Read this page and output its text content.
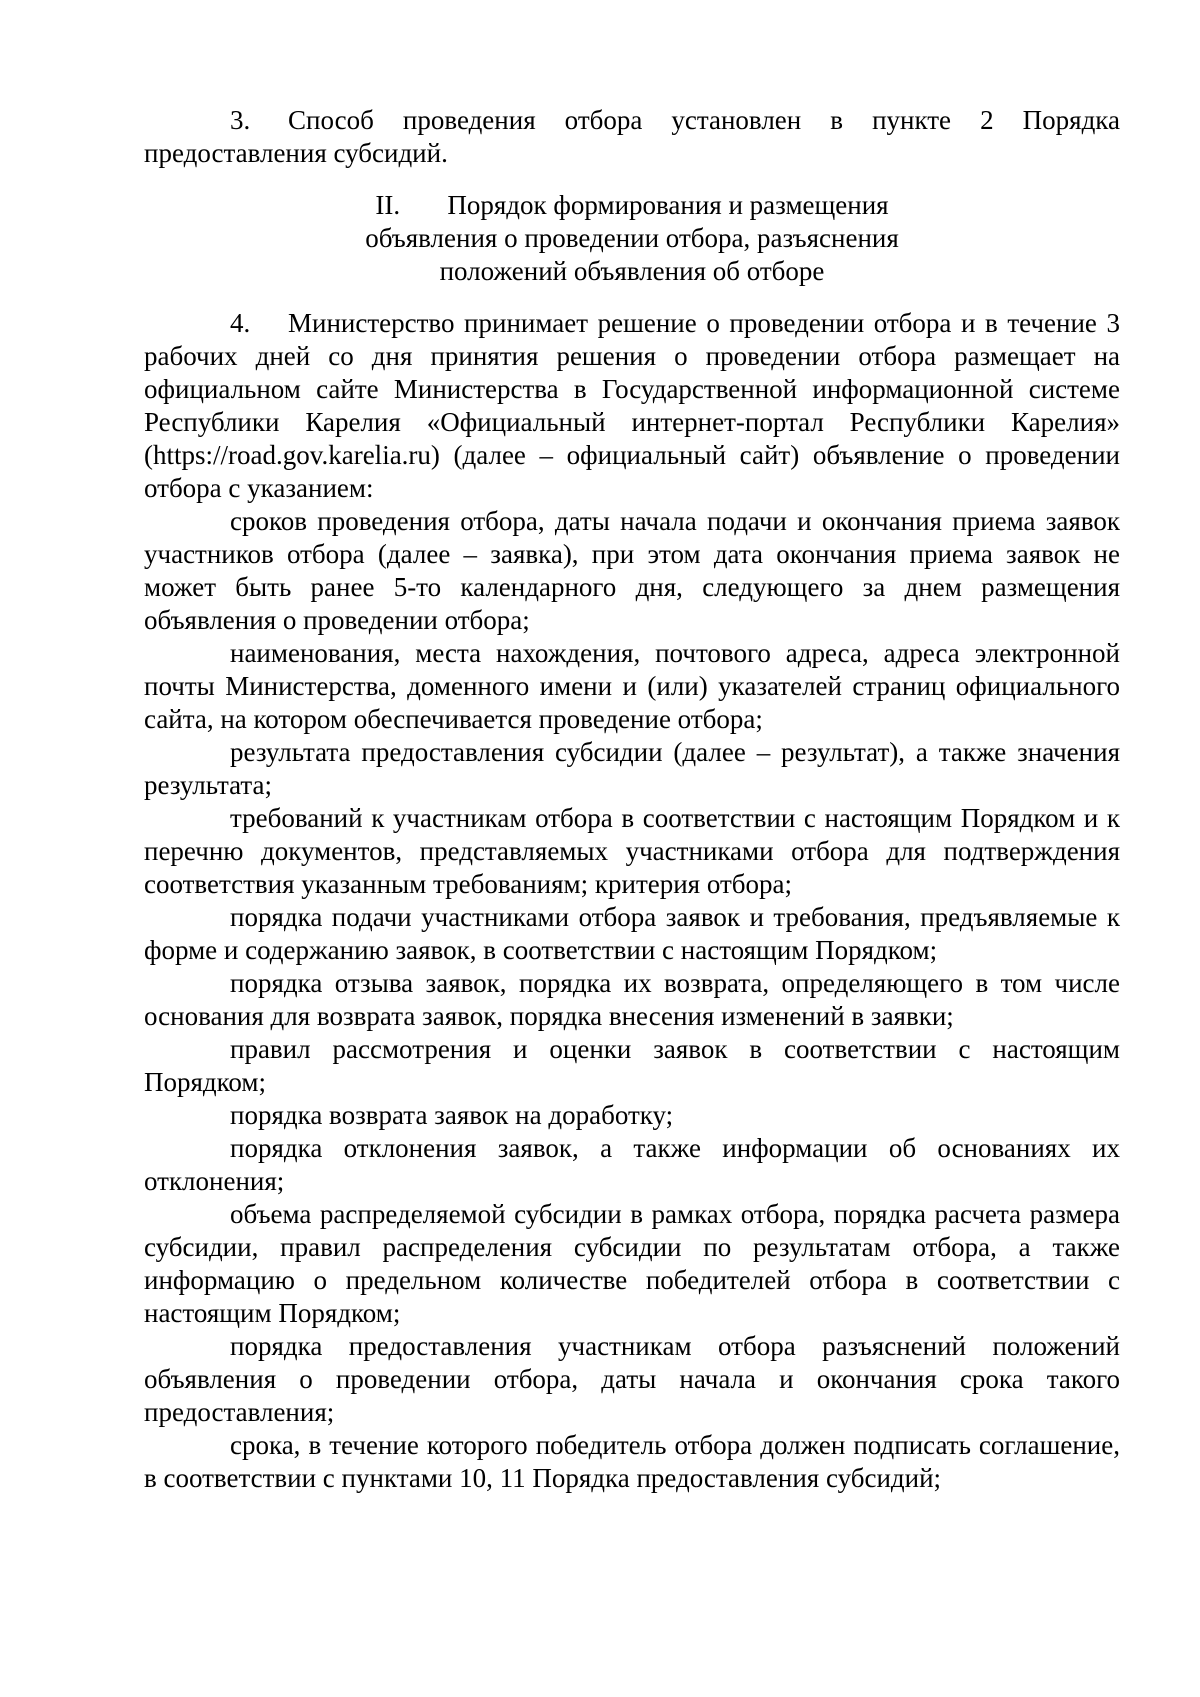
3. Способ проведения отбора установлен в пункте 2 Порядка предоставления субсидий.

II. Порядок формирования и размещения
объявления о проведении отбора, разъяснения
положений объявления об отборе

4. Министерство принимает решение о проведении отбора и в течение 3 рабочих дней со дня принятия решения о проведении отбора размещает на официальном сайте Министерства в Государственной информационной системе Республики Карелия «Официальный интернет-портал Республики Карелия» (https://road.gov.karelia.ru) (далее – официальный сайт) объявление о проведении отбора с указанием:

сроков проведения отбора, даты начала подачи и окончания приема заявок участников отбора (далее – заявка), при этом дата окончания приема заявок не может быть ранее 5-то календарного дня, следующего за днем размещения объявления о проведении отбора;

наименования, места нахождения, почтового адреса, адреса электронной почты Министерства, доменного имени и (или) указателей страниц официального сайта, на котором обеспечивается проведение отбора;

результата предоставления субсидии (далее – результат), а также значения результата;

требований к участникам отбора в соответствии с настоящим Порядком и к перечню документов, представляемых участниками отбора для подтверждения соответствия указанным требованиям; критерия отбора;

порядка подачи участниками отбора заявок и требования, предъявляемые к форме и содержанию заявок, в соответствии с настоящим Порядком;

порядка отзыва заявок, порядка их возврата, определяющего в том числе основания для возврата заявок, порядка внесения изменений в заявки;

правил рассмотрения и оценки заявок в соответствии с настоящим Порядком;

порядка возврата заявок на доработку;

порядка отклонения заявок, а также информации об основаниях их отклонения;

объема распределяемой субсидии в рамках отбора, порядка расчета размера субсидии, правил распределения субсидии по результатам отбора, а также информацию о предельном количестве победителей отбора в соответствии с настоящим Порядком;

порядка предоставления участникам отбора разъяснений положений объявления о проведении отбора, даты начала и окончания срока такого предоставления;

срока, в течение которого победитель отбора должен подписать соглашение, в соответствии с пунктами 10, 11 Порядка предоставления субсидий;
